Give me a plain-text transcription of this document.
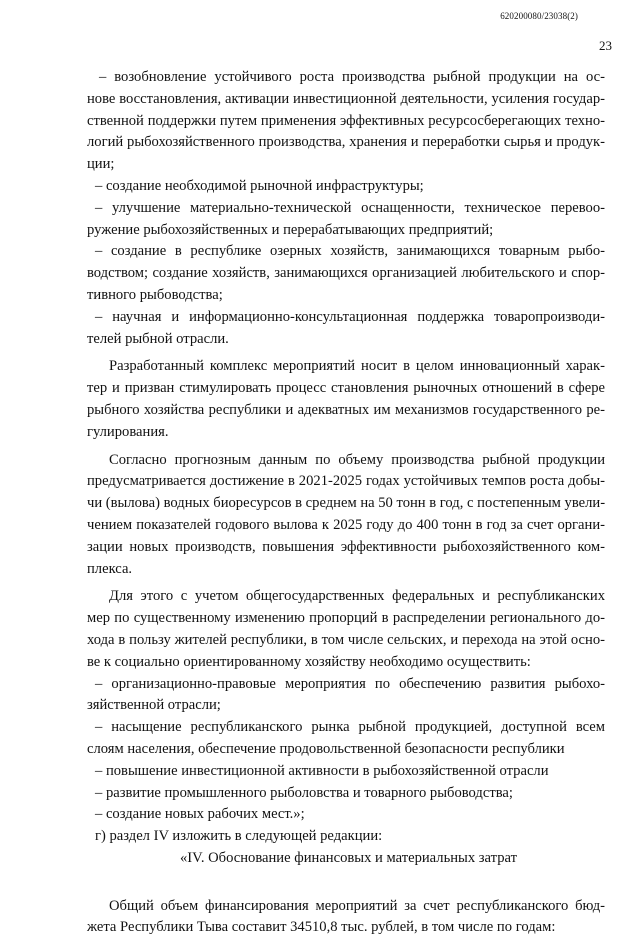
620200080/23038(2)
23
– возобновление устойчивого роста производства рыбной продукции на ос-
нове восстановления, активации инвестиционной деятельности, усиления государ-
ственной поддержки путем применения эффективных ресурсосберегающих техно-
логий рыбохозяйственного производства, хранения и переработки сырья и продук-
ции;
– создание необходимой рыночной инфраструктуры;
– улучшение материально-технической оснащенности, техническое перевоо-
ружение рыбохозяйственных и перерабатывающих предприятий;
– создание в республике озерных хозяйств, занимающихся товарным рыбо-
водством; создание хозяйств, занимающихся организацией любительского и спор-
тивного рыбоводства;
– научная и информационно-консультационная поддержка товаропроизводи-
телей рыбной отрасли.
Разработанный комплекс мероприятий носит в целом инновационный харак-
тер и призван стимулировать процесс становления рыночных отношений в сфере
рыбного хозяйства республики и адекватных им механизмов государственного ре-
гулирования.
Согласно прогнозным данным по объему производства рыбной продукции
предусматривается достижение в 2021-2025 годах устойчивых темпов роста добы-
чи (вылова) водных биоресурсов в среднем на 50 тонн в год, с постепенным увели-
чением показателей годового вылова к 2025 году до 400 тонн в год за счет органи-
зации новых производств, повышения эффективности рыбохозяйственного ком-
плекса.
Для этого с учетом общегосударственных федеральных и республиканских
мер по существенному изменению пропорций в распределении регионального до-
хода в пользу жителей республики, в том числе сельских, и перехода на этой осно-
ве к социально ориентированному хозяйству необходимо осуществить:
– организационно-правовые мероприятия по обеспечению развития рыбохо-
зяйственной отрасли;
– насыщение республиканского рынка рыбной продукцией, доступной всем
слоям населения, обеспечение продовольственной безопасности республики
– повышение инвестиционной активности в рыбохозяйственной отрасли
– развитие промышленного рыболовства и товарного рыбоводства;
– создание новых рабочих мест.»;
г) раздел IV изложить в следующей редакции:
«IV. Обоснование финансовых и материальных затрат
Общий объем финансирования мероприятий за счет республиканского бюд-
жета Республики Тыва составит 34510,8 тыс. рублей, в том числе по годам:
